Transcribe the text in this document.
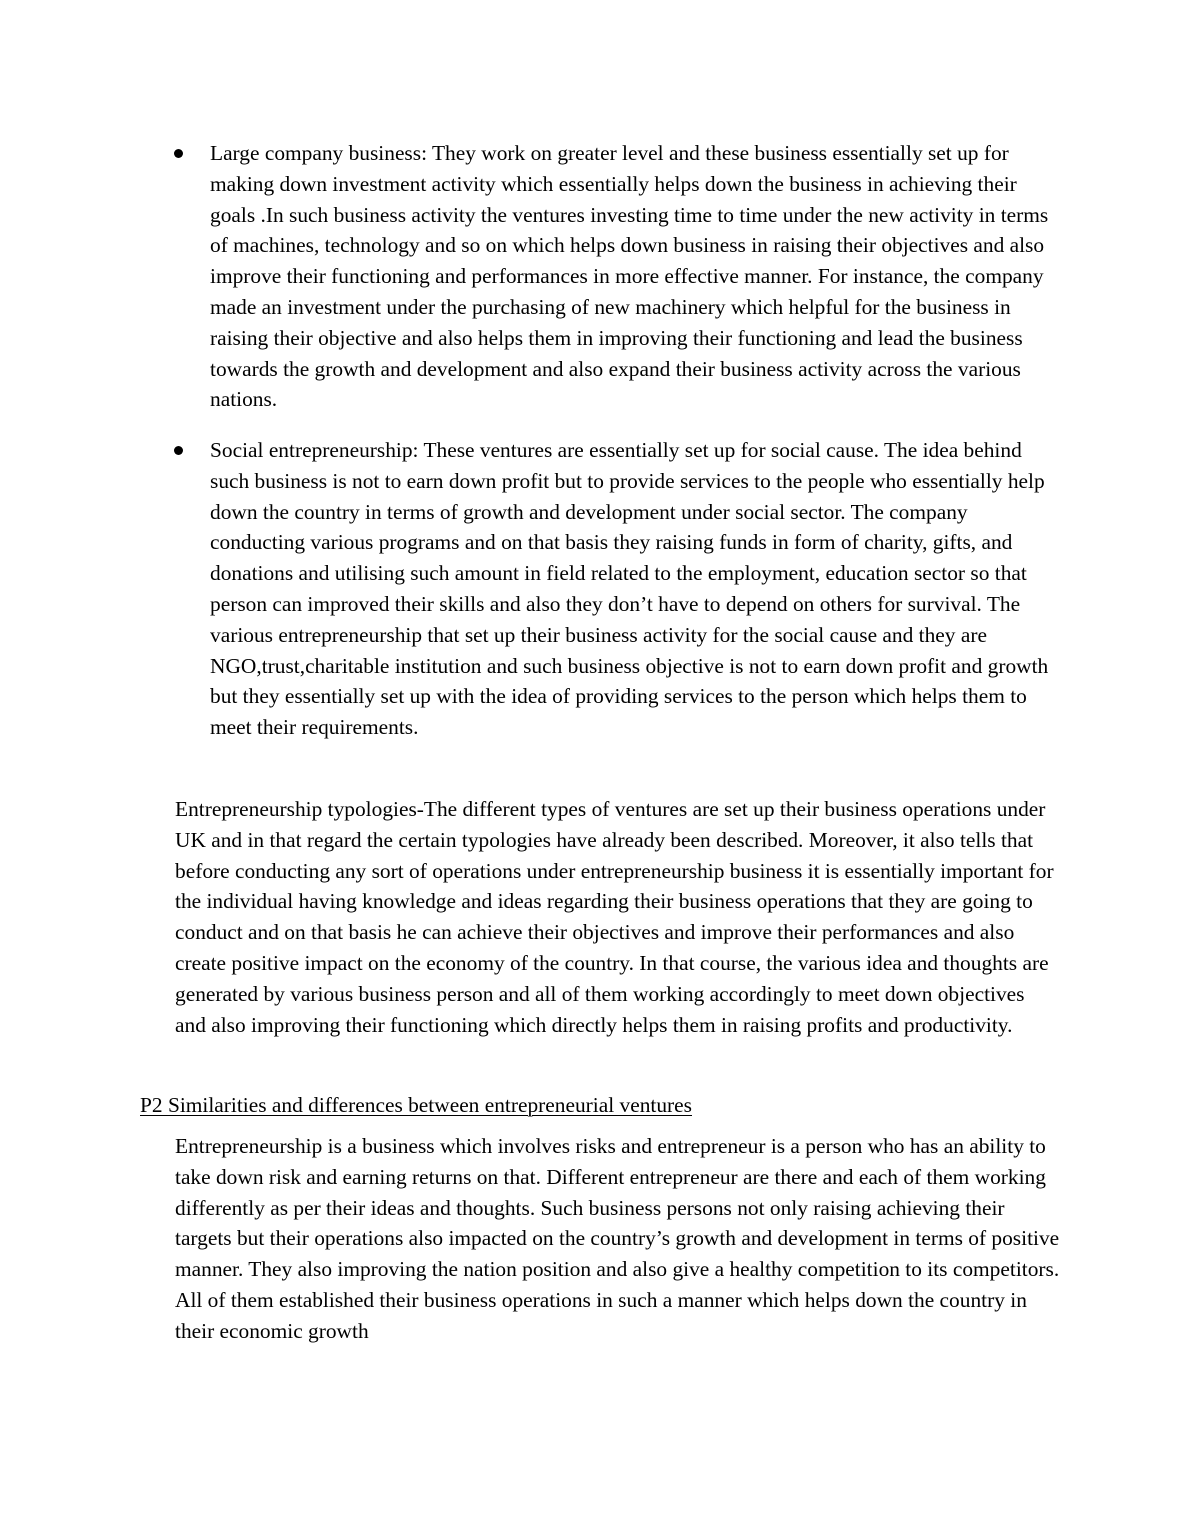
Large company business: They work on greater level and these business essentially set up for making down investment activity which essentially helps down the business in achieving their goals .In such business activity the ventures investing time to time under the new activity in terms of machines, technology and so on which helps down business in raising their objectives and also improve their functioning and performances in more effective manner. For instance, the company made an investment under the purchasing of new machinery which helpful for the business in raising their objective and also helps them in improving their functioning and lead the business towards the growth and development and also expand their business activity across the various nations.

Social entrepreneurship: These ventures are essentially set up for social cause. The idea behind such business is not to earn down profit but to provide services to the people who essentially help down the country in terms of growth and development under social sector. The company conducting various programs and on that basis they raising funds in form of charity, gifts, and donations and utilising such amount in field related to the employment, education sector so that person can improved their skills and also they don’t have to depend on others for survival. The various entrepreneurship that set up their business activity for the social cause and they are NGO,trust,charitable institution and such business objective is not to earn down profit and growth but they essentially set up with the idea of providing services to the person which helps them to meet their requirements.

Entrepreneurship typologies-The different types of ventures are set up their business operations under UK and in that regard the certain typologies have already been described. Moreover, it also tells that before conducting any sort of operations under entrepreneurship business it is essentially important for the individual having knowledge and ideas regarding their business operations that they are going to conduct and on that basis he can achieve their objectives and improve their performances and also create positive impact on the economy of the country. In that course, the various idea and thoughts are generated by various business person and all of them working accordingly to meet down objectives and also improving their functioning which directly helps them in raising profits and productivity.

P2 Similarities and differences between entrepreneurial ventures

Entrepreneurship is a business which involves risks and entrepreneur is a person who has an ability to take down risk and earning returns on that. Different entrepreneur are there and each of them working differently as per their ideas and thoughts. Such business persons not only raising achieving their targets but their operations also impacted on the country’s growth and development in terms of positive manner. They also improving the nation position and also give a healthy competition to its competitors. All of them established their business operations in such a manner which helps down the country in their economic growth
